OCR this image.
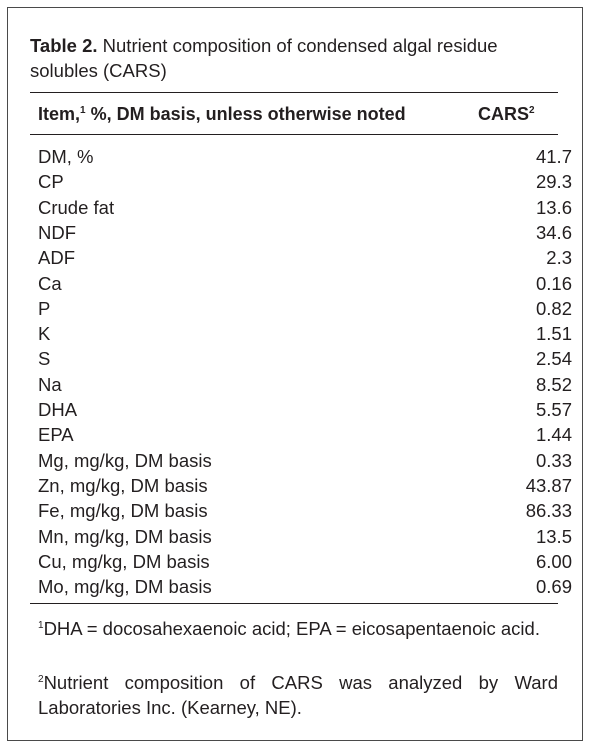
Table 2. Nutrient composition of condensed algal residue solubles (CARS)
Item,$^1$ %, DM basis, unless otherwise noted	CARS$^2$
DM, %	41.7
CP	29.3
Crude fat	13.6
NDF	34.6
ADF	2.3
Ca	0.16
P	0.82
K	1.51
S	2.54
Na	8.52
DHA	5.57
EPA	1.44
Mg, mg/kg, DM basis	0.33
Zn, mg/kg, DM basis	43.87
Fe, mg/kg, DM basis	86.33
Mn, mg/kg, DM basis	13.5
Cu, mg/kg, DM basis	6.00
Mo, mg/kg, DM basis	0.69
$^1$DHA = docosahexaenoic acid; EPA = eicosapentaenoic acid.
$^2$Nutrient composition of CARS was analyzed by Ward Laboratories Inc. (Kearney, NE).
